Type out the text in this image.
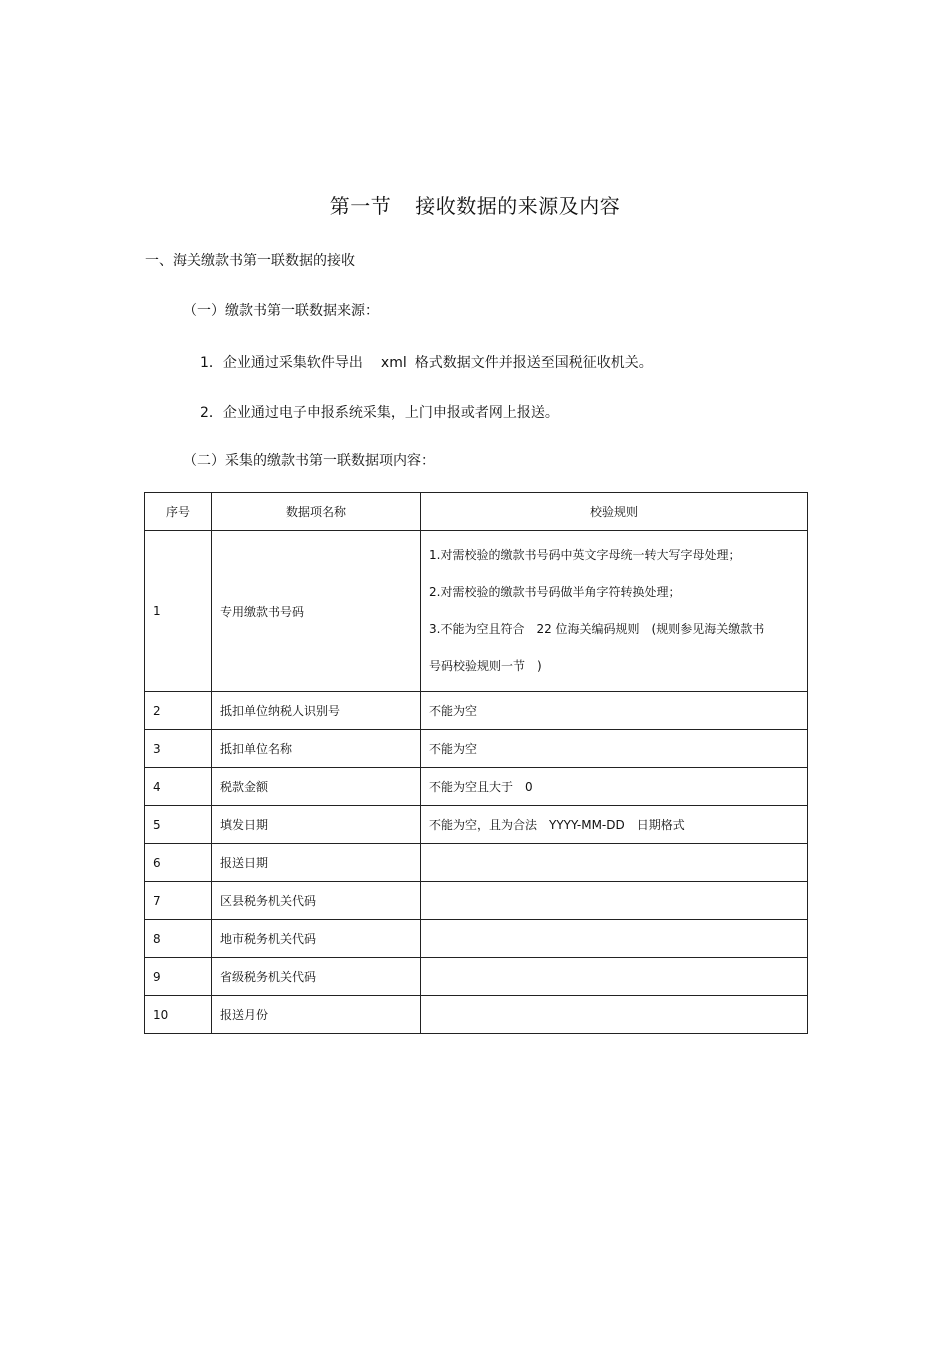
第一节 接收数据的来源及内容
一、海关缴款书第一联数据的接收
（一）缴款书第一联数据来源：
1．企业通过采集软件导出 xml 格式数据文件并报送至国税征收机关。
2．企业通过电子申报系统采集，上门申报或者网上报送。
（二）采集的缴款书第一联数据项内容：
序号	数据项名称	校验规则
1	专用缴款书号码	1.对需校验的缴款书号码中英文字母统一转大写字母处理；
2.对需校验的缴款书号码做半角字符转换处理；
3.不能为空且符合　22 位海关编码规则　(规则参见海关缴款书
号码校验规则一节　)

2	抵扣单位纳税人识别号	不能为空
3	抵扣单位名称	不能为空
4	税款金额	不能为空且大于　0
5	填发日期	不能为空，且为合法　YYYY-MM-DD　日期格式
6	报送日期	
7	区县税务机关代码	
8	地市税务机关代码	
9	省级税务机关代码	
10	报送月份	
